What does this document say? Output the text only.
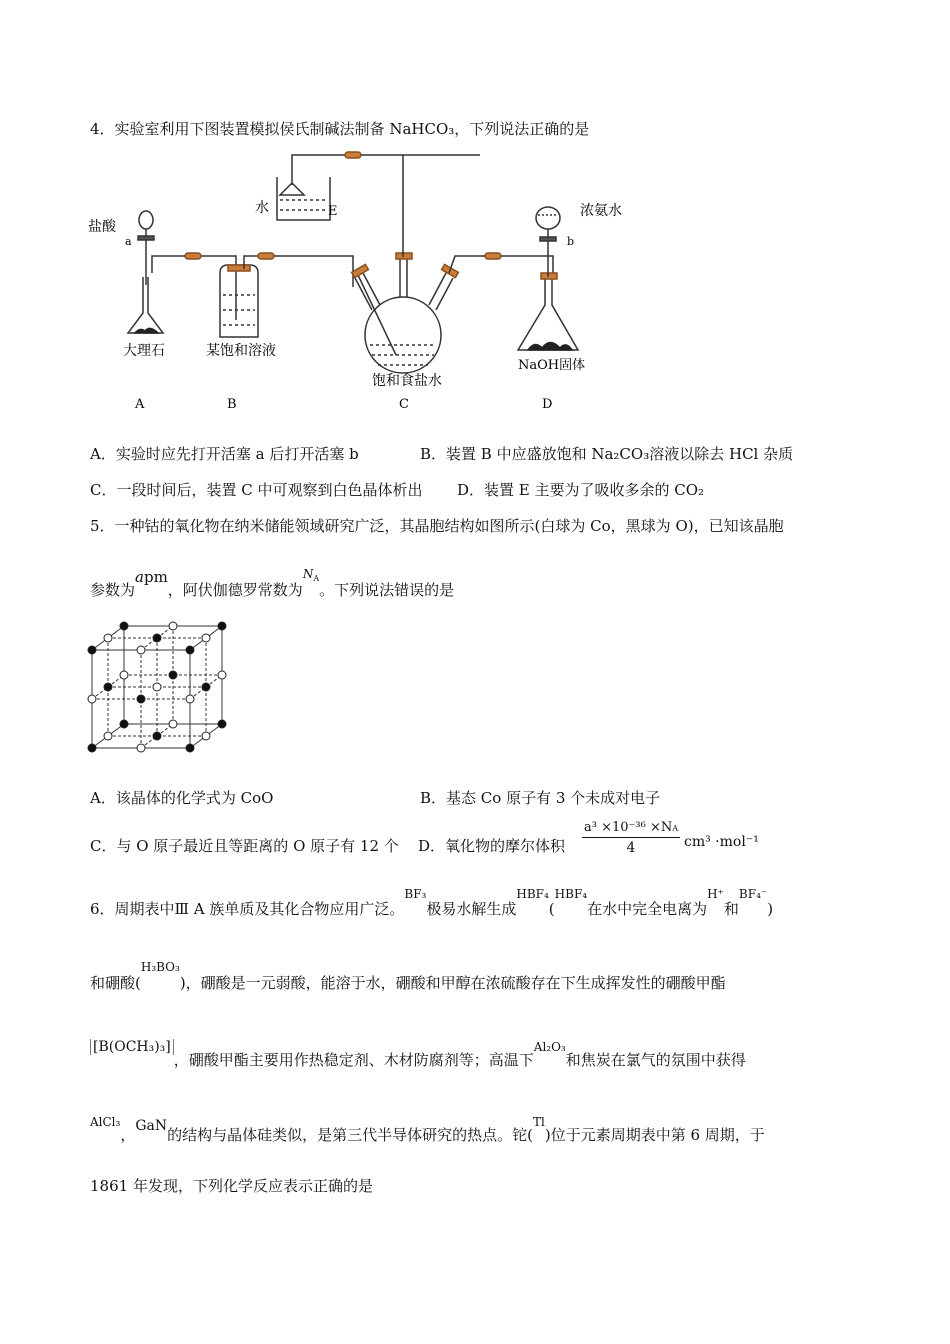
4．实验室利用下图装置模拟侯氏制碱法制备 NaHCO₃，下列说法正确的是
盐酸
a
大理石	某饱和溶液
水	E
饱和食盐水
浓氨水
b
NaOH固体
A	B	C	D
A．实验时应先打开活塞 a 后打开活塞 b	B．装置 B 中应盛放饱和 Na₂CO₃溶液以除去 HCl 杂质
C．一段时间后，装置 C 中可观察到白色晶体析出 D．装置 E 主要为了吸收多余的 CO₂
5．一种钴的氧化物在纳米储能领域研究广泛，其晶胞结构如图所示(白球为 Co，黑球为 O)，已知该晶胞
参数为apm，阿伏伽德罗常数为$^{NA}$。下列说法错误的是
A．该晶体的化学式为 CoO	B．基态 Co 原子有 3 个未成对电子
C．与 O 原子最近且等距离的 O 原子有 12 个 D．氧化物的摩尔体积
a³ ×10⁻³⁶ ×NA
4	cm³ ·mol⁻¹
6．周期表中Ⅲ A 族单质及其化合物应用广泛。BF₃极易水解生成HBF₄(HBF₄在水中完全电离为H⁺和BF₄⁻)
和硼酸(H₃BO₃)，硼酸是一元弱酸，能溶于水，硼酸和甲醇在浓硫酸存在下生成挥发性的硼酸甲酯
[B(OCH₃)₃]，硼酸甲酯主要用作热稳定剂、木材防腐剂等；高温下Al₂O₃和焦炭在氯气的氛围中获得
AlCl₃，GaN的结构与晶体硅类似，是第三代半导体研究的热点。铊(Tl)位于元素周期表中第 6 周期，于
1861 年发现，下列化学反应表示正确的是
